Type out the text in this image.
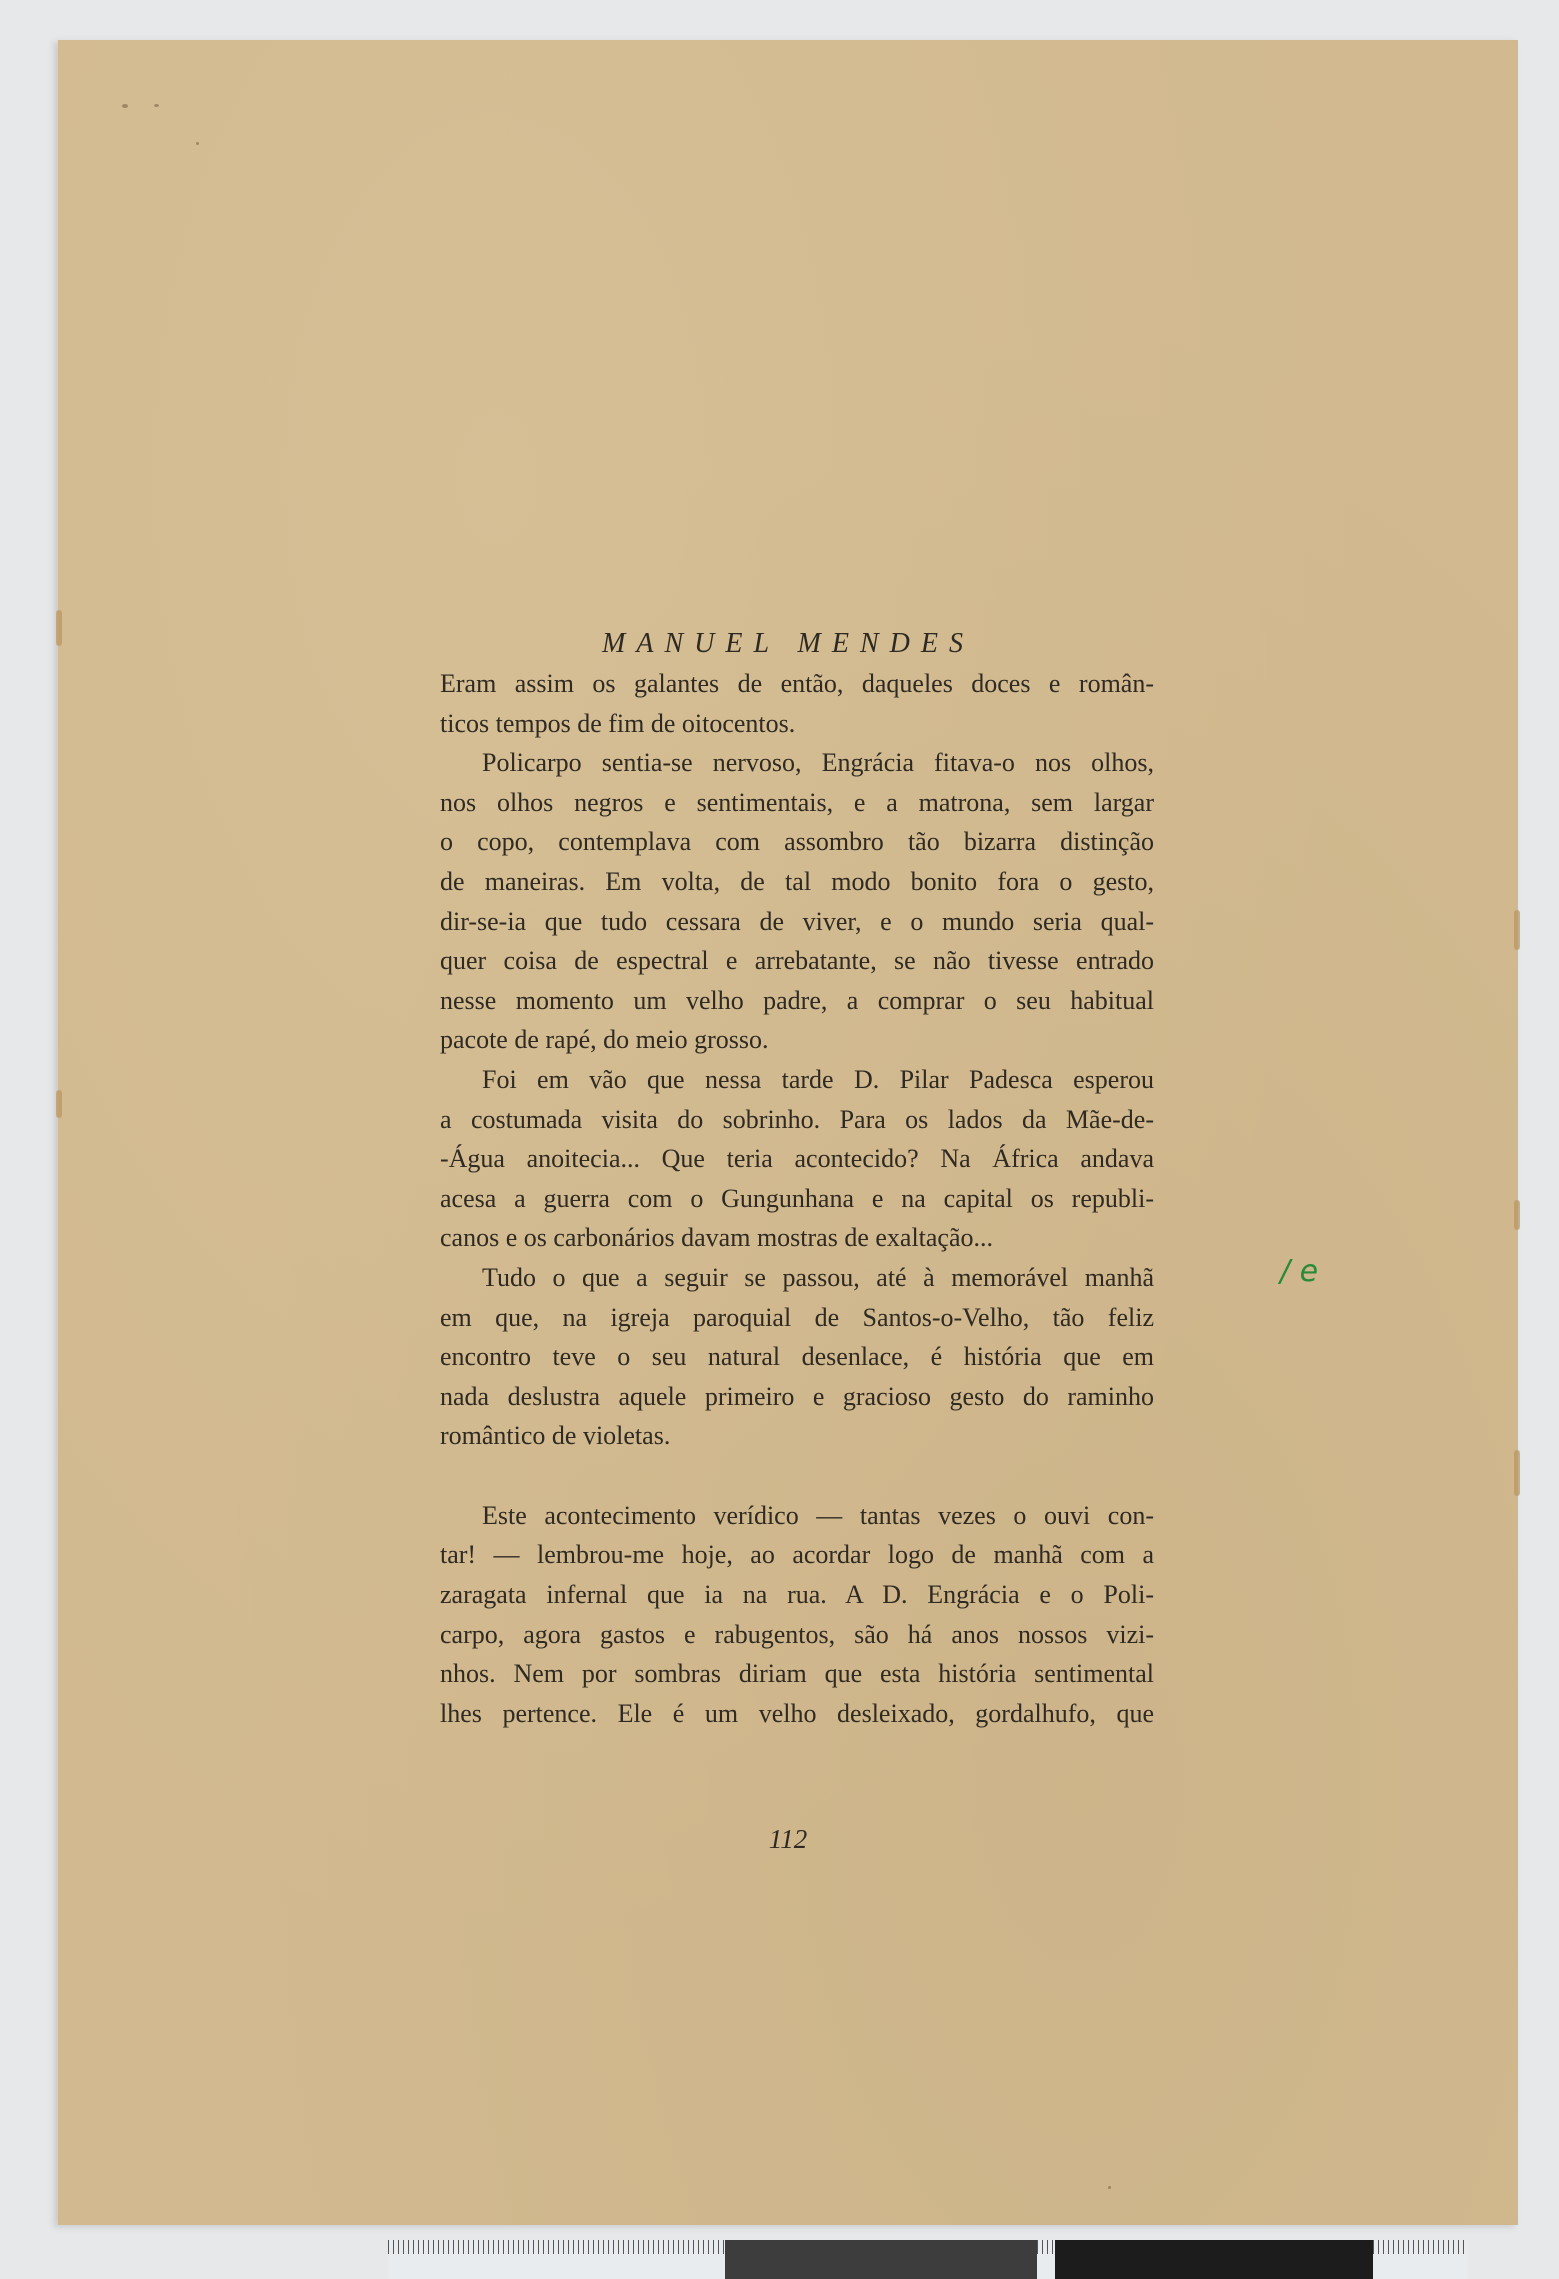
MANUEL MENDES
/ e
112
Eram assim os galantes de então, daqueles doces e român-
ticos tempos de fim de oitocentos.
Policarpo sentia-se nervoso, Engrácia fitava-o nos olhos,
nos olhos negros e sentimentais, e a matrona, sem largar
o copo, contemplava com assombro tão bizarra distinção
de maneiras. Em volta, de tal modo bonito fora o gesto,
dir-se-ia que tudo cessara de viver, e o mundo seria qual-
quer coisa de espectral e arrebatante, se não tivesse entrado
nesse momento um velho padre, a comprar o seu habitual
pacote de rapé, do meio grosso.
Foi em vão que nessa tarde D. Pilar Padesca esperou
a costumada visita do sobrinho. Para os lados da Mãe-de-
-Água anoitecia... Que teria acontecido? Na África andava
acesa a guerra com o Gungunhana e na capital os republi-
canos e os carbonários davam mostras de exaltação...
Tudo o que a seguir se passou, até à memorável manhã
em que, na igreja paroquial de Santos-o-Velho, tão feliz
encontro teve o seu natural desenlace, é história que em
nada deslustra aquele primeiro e gracioso gesto do raminho
romântico de violetas.
Este acontecimento verídico — tantas vezes o ouvi con-
tar! — lembrou-me hoje, ao acordar logo de manhã com a
zaragata infernal que ia na rua. A D. Engrácia e o Poli-
carpo, agora gastos e rabugentos, são há anos nossos vizi-
nhos. Nem por sombras diriam que esta história sentimental
lhes pertence. Ele é um velho desleixado, gordalhufo, que
